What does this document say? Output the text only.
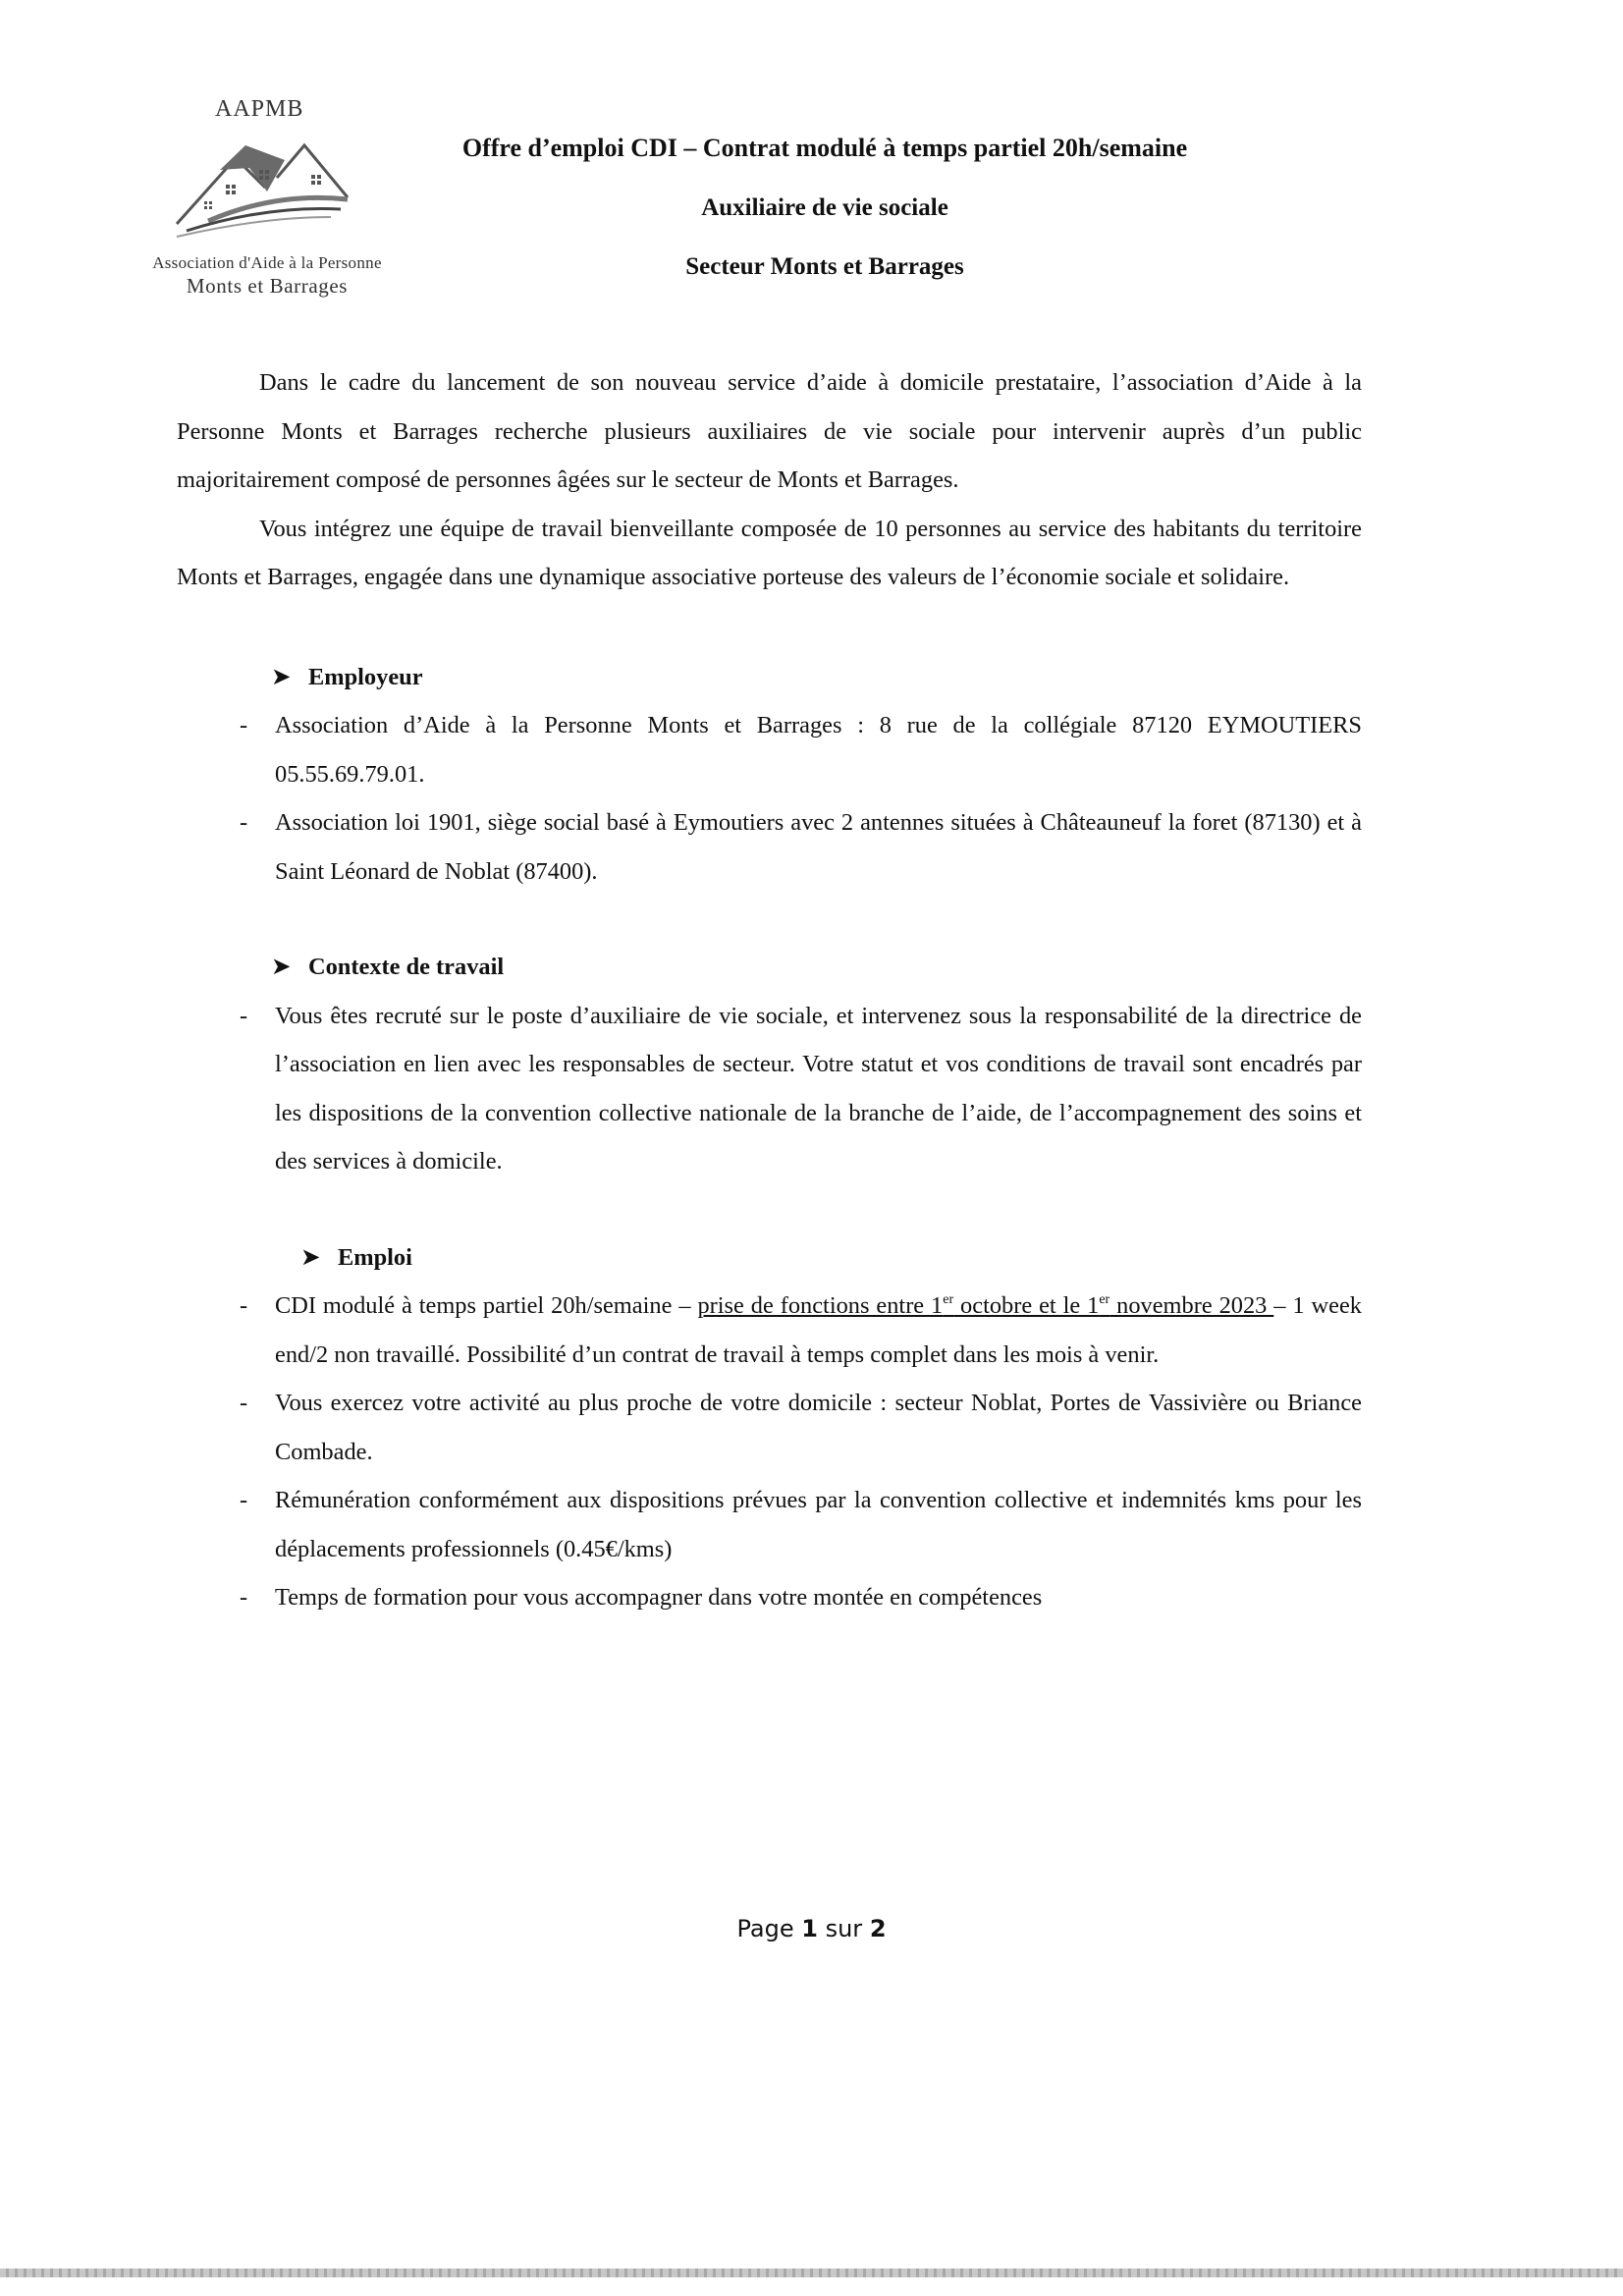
AAPMB
Association d'Aide à la Personne
Monts et Barrages
Offre d’emploi CDI – Contrat modulé à temps partiel 20h/semaine
Auxiliaire de vie sociale
Secteur Monts et Barrages

Dans le cadre du lancement de son nouveau service d’aide à domicile prestataire, l’association d’Aide à la Personne Monts et Barrages recherche plusieurs auxiliaires de vie sociale pour intervenir auprès d’un public majoritairement composé de personnes âgées sur le secteur de Monts et Barrages.

Vous intégrez une équipe de travail bienveillante composée de 10 personnes au service des habitants du territoire Monts et Barrages, engagée dans une dynamique associative porteuse des valeurs de l’économie sociale et solidaire.

➤ Employeur
- Association d’Aide à la Personne Monts et Barrages : 8 rue de la collégiale 87120 EYMOUTIERS 05.55.69.79.01.
- Association loi 1901, siège social basé à Eymoutiers avec 2 antennes situées à Châteauneuf la foret (87130) et à Saint Léonard de Noblat (87400).
➤ Contexte de travail
- Vous êtes recruté sur le poste d’auxiliaire de vie sociale, et intervenez sous la responsabilité de la directrice de l’association en lien avec les responsables de secteur. Votre statut et vos conditions de travail sont encadrés par les dispositions de la convention collective nationale de la branche de l’aide, de l’accompagnement des soins et des services à domicile.
➤ Emploi
- CDI modulé à temps partiel 20h/semaine – prise de fonctions entre 1er octobre et le 1er novembre 2023 – 1 week end/2 non travaillé. Possibilité d’un contrat de travail à temps complet dans les mois à venir.
- Vous exercez votre activité au plus proche de votre domicile : secteur Noblat, Portes de Vassivière ou Briance Combade.
- Rémunération conformément aux dispositions prévues par la convention collective et indemnités kms pour les déplacements professionnels (0.45€/kms)
- Temps de formation pour vous accompagner dans votre montée en compétences
Page 1 sur 2
